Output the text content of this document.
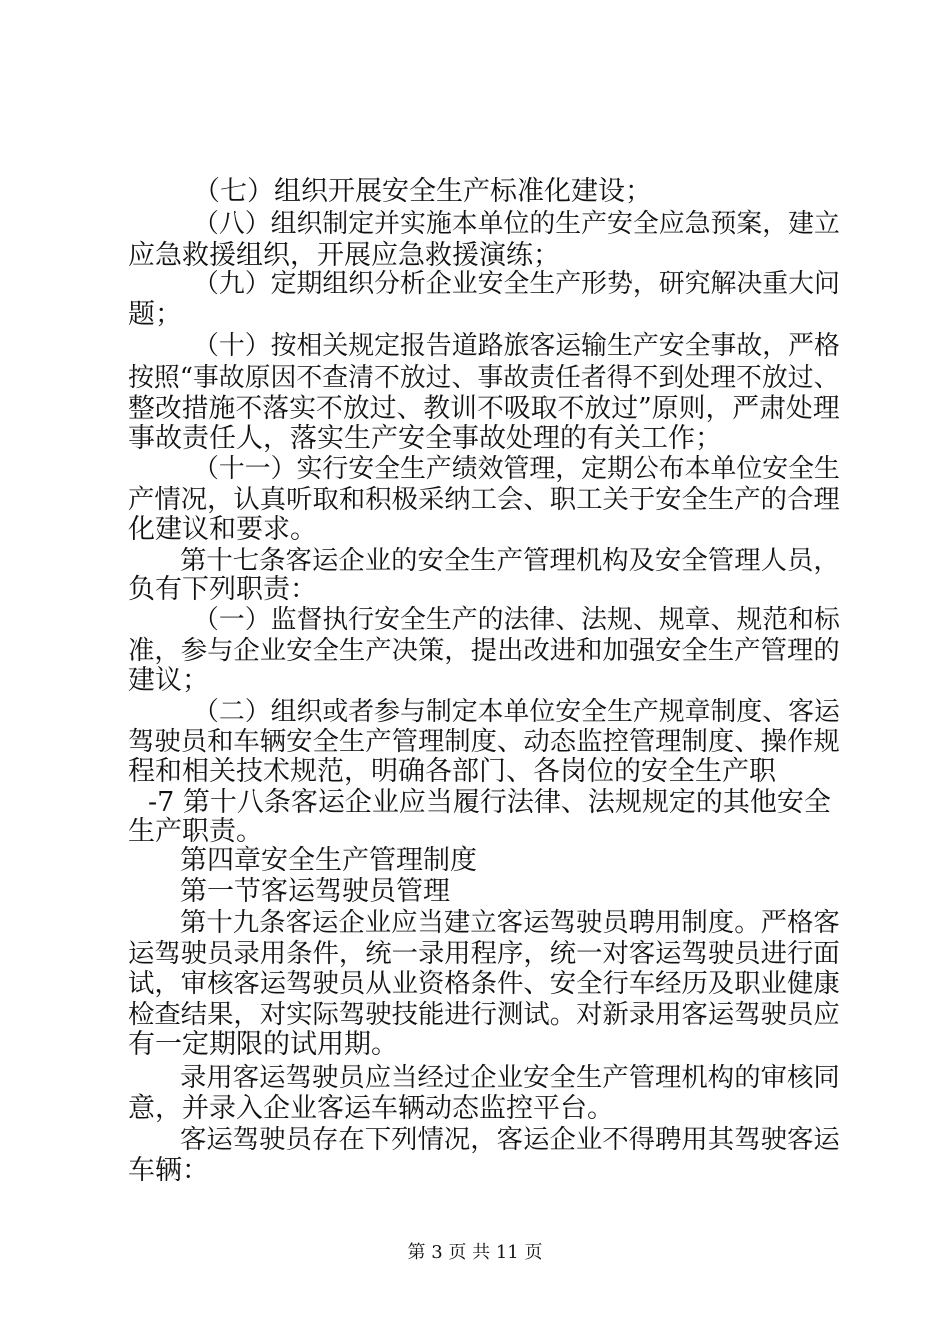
（七）组织开展安全生产标准化建设；
（八）组织制定并实施本单位的生产安全应急预案，建立
应急救援组织，开展应急救援演练；
（九）定期组织分析企业安全生产形势，研究解决重大问
题；
（十）按相关规定报告道路旅客运输生产安全事故，严格
按照“事故原因不查清不放过、事故责任者得不到处理不放过、
整改措施不落实不放过、教训不吸取不放过”原则，严肃处理
事故责任人，落实生产安全事故处理的有关工作；
（十一）实行安全生产绩效管理，定期公布本单位安全生
产情况，认真听取和积极采纳工会、职工关于安全生产的合理
化建议和要求。
第十七条客运企业的安全生产管理机构及安全管理人员，
负有下列职责：
（一）监督执行安全生产的法律、法规、规章、规范和标
准，参与企业安全生产决策，提出改进和加强安全生产管理的
建议；
（二）组织或者参与制定本单位安全生产规章制度、客运
驾驶员和车辆安全生产管理制度、动态监控管理制度、操作规
程和相关技术规范，明确各部门、各岗位的安全生产职
-7 第十八条客运企业应当履行法律、法规规定的其他安全
生产职责。
第四章安全生产管理制度
第一节客运驾驶员管理
第十九条客运企业应当建立客运驾驶员聘用制度。严格客
运驾驶员录用条件，统一录用程序，统一对客运驾驶员进行面
试，审核客运驾驶员从业资格条件、安全行车经历及职业健康
检查结果，对实际驾驶技能进行测试。对新录用客运驾驶员应
有一定期限的试用期。
录用客运驾驶员应当经过企业安全生产管理机构的审核同
意，并录入企业客运车辆动态监控平台。
客运驾驶员存在下列情况，客运企业不得聘用其驾驶客运
车辆：
第 3 页 共 11 页
